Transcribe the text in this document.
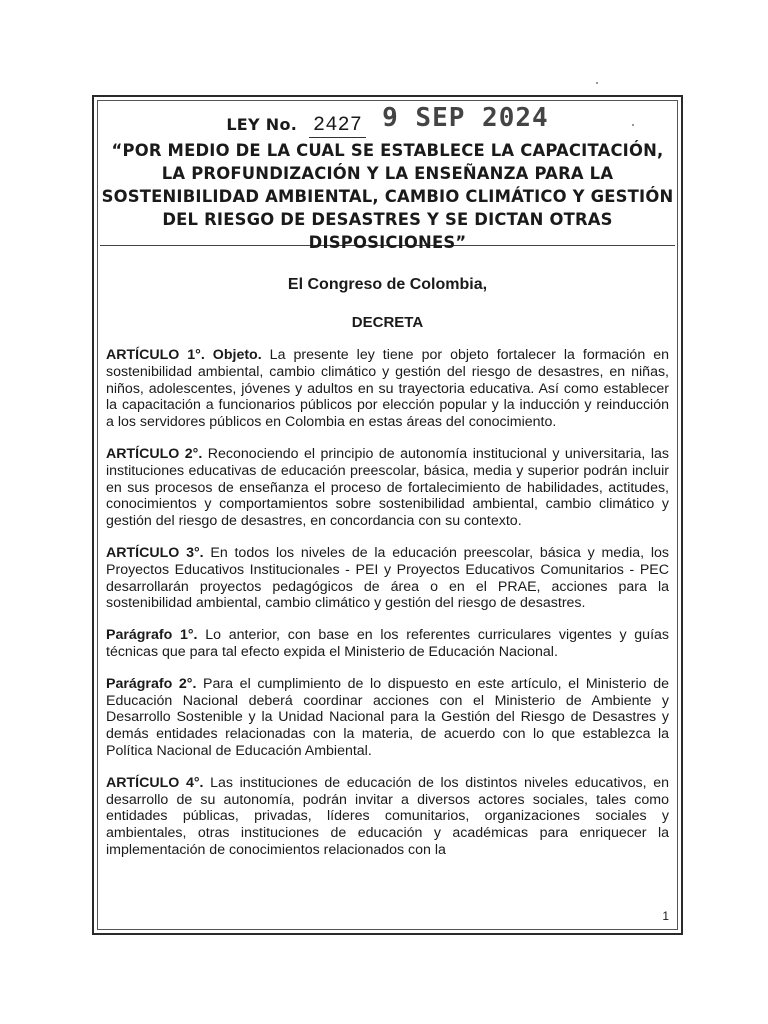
LEY No. 2427 9 SEP 2024
“POR MEDIO DE LA CUAL SE ESTABLECE LA CAPACITACIÓN, LA PROFUNDIZACIÓN Y LA ENSEÑANZA PARA LA SOSTENIBILIDAD AMBIENTAL, CAMBIO CLIMÁTICO Y GESTIÓN DEL RIESGO DE DESASTRES Y SE DICTAN OTRAS DISPOSICIONES”

El Congreso de Colombia,

DECRETA

ARTÍCULO 1°. Objeto. La presente ley tiene por objeto fortalecer la formación en sostenibilidad ambiental, cambio climático y gestión del riesgo de desastres, en niñas, niños, adolescentes, jóvenes y adultos en su trayectoria educativa. Así como establecer la capacitación a funcionarios públicos por elección popular y la inducción y reinducción a los servidores públicos en Colombia en estas áreas del conocimiento.

ARTÍCULO 2°. Reconociendo el principio de autonomía institucional y universitaria, las instituciones educativas de educación preescolar, básica, media y superior podrán incluir en sus procesos de enseñanza el proceso de fortalecimiento de habilidades, actitudes, conocimientos y comportamientos sobre sostenibilidad ambiental, cambio climático y gestión del riesgo de desastres, en concordancia con su contexto.

ARTÍCULO 3°. En todos los niveles de la educación preescolar, básica y media, los Proyectos Educativos Institucionales - PEI y Proyectos Educativos Comunitarios - PEC desarrollarán proyectos pedagógicos de área o en el PRAE, acciones para la sostenibilidad ambiental, cambio climático y gestión del riesgo de desastres.

Parágrafo 1°. Lo anterior, con base en los referentes curriculares vigentes y guías técnicas que para tal efecto expida el Ministerio de Educación Nacional.

Parágrafo 2°. Para el cumplimiento de lo dispuesto en este artículo, el Ministerio de Educación Nacional deberá coordinar acciones con el Ministerio de Ambiente y Desarrollo Sostenible y la Unidad Nacional para la Gestión del Riesgo de Desastres y demás entidades relacionadas con la materia, de acuerdo con lo que establezca la Política Nacional de Educación Ambiental.

ARTÍCULO 4°. Las instituciones de educación de los distintos niveles educativos, en desarrollo de su autonomía, podrán invitar a diversos actores sociales, tales como entidades públicas, privadas, líderes comunitarios, organizaciones sociales y ambientales, otras instituciones de educación y académicas para enriquecer la implementación de conocimientos relacionados con la

1
